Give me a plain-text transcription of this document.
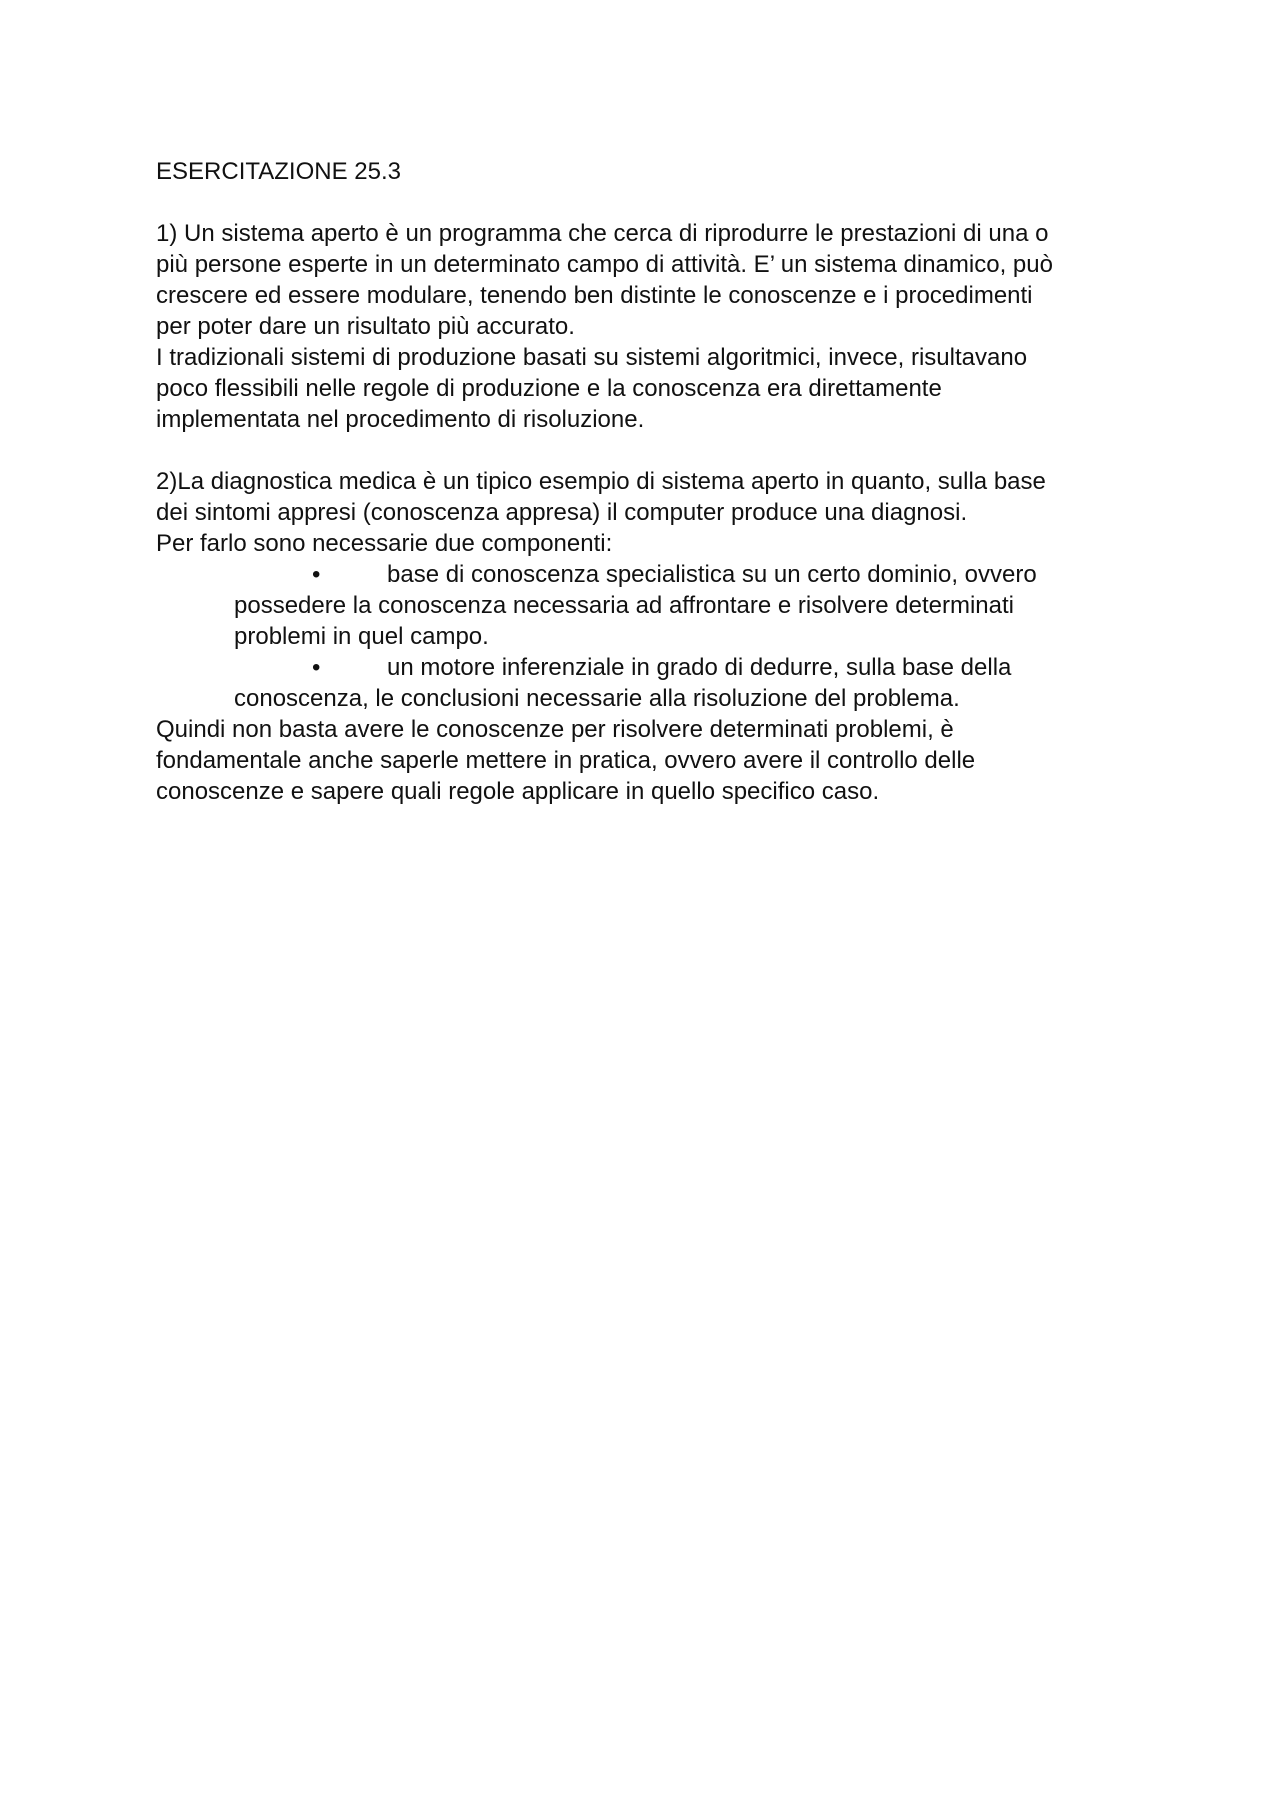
ESERCITAZIONE 25.3
1) Un sistema aperto è un programma che cerca di riprodurre le prestazioni di una o
più persone esperte in un determinato campo di attività. E’ un sistema dinamico, può
crescere ed essere modulare, tenendo ben distinte le conoscenze e i procedimenti
per poter dare un risultato più accurato.
I tradizionali sistemi di produzione basati su sistemi algoritmici, invece, risultavano
poco flessibili nelle regole di produzione e la conoscenza era direttamente
implementata nel procedimento di risoluzione.
2)La diagnostica medica è un tipico esempio di sistema aperto in quanto, sulla base
dei sintomi appresi (conoscenza appresa) il computer produce una diagnosi.
Per farlo sono necessarie due componenti:
•	base di conoscenza specialistica su un certo dominio, ovvero
possedere la conoscenza necessaria ad affrontare e risolvere determinati
problemi in quel campo.
•	un motore inferenziale in grado di dedurre, sulla base della
conoscenza, le conclusioni necessarie alla risoluzione del problema.
Quindi non basta avere le conoscenze per risolvere determinati problemi, è
fondamentale anche saperle mettere in pratica, ovvero avere il controllo delle
conoscenze e sapere quali regole applicare in quello specifico caso.
